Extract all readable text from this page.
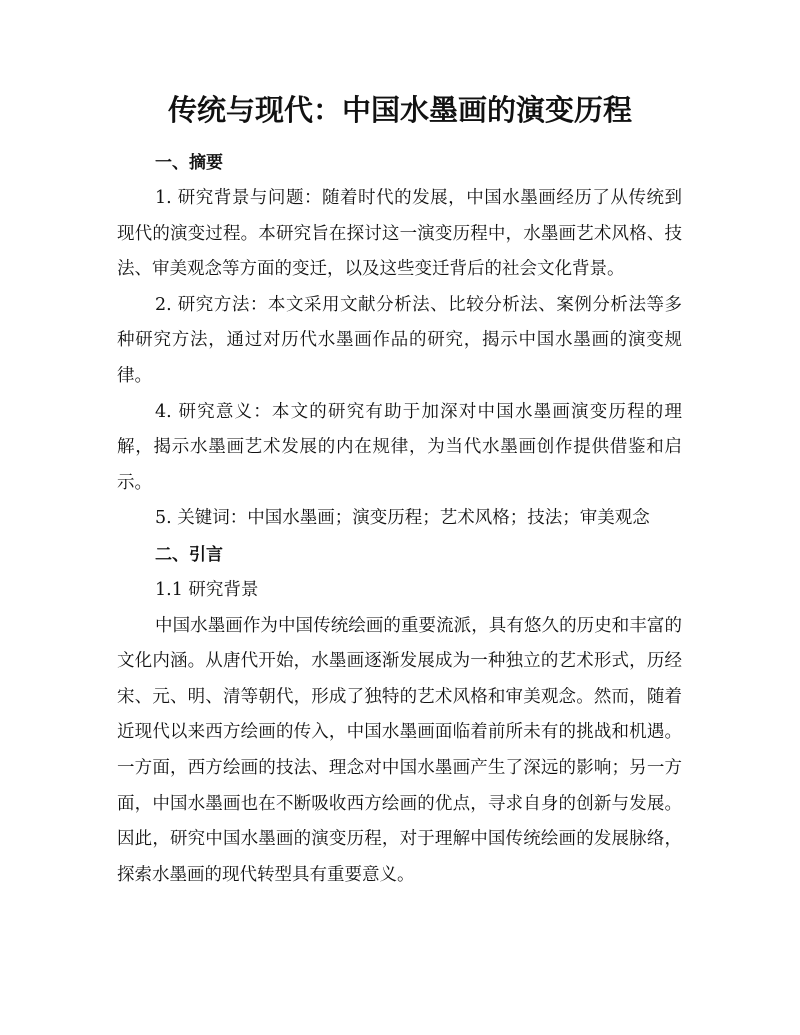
传统与现代：中国水墨画的演变历程
一、摘要

1. 研究背景与问题：随着时代的发展，中国水墨画经历了从传统到现代的演变过程。本研究旨在探讨这一演变历程中，水墨画艺术风格、技法、审美观念等方面的变迁，以及这些变迁背后的社会文化背景。

2. 研究方法：本文采用文献分析法、比较分析法、案例分析法等多种研究方法，通过对历代水墨画作品的研究，揭示中国水墨画的演变规律。

4. 研究意义：本文的研究有助于加深对中国水墨画演变历程的理解，揭示水墨画艺术发展的内在规律，为当代水墨画创作提供借鉴和启示。

5. 关键词：中国水墨画；演变历程；艺术风格；技法；审美观念

二、引言

1.1 研究背景

中国水墨画作为中国传统绘画的重要流派，具有悠久的历史和丰富的文化内涵。从唐代开始，水墨画逐渐发展成为一种独立的艺术形式，历经宋、元、明、清等朝代，形成了独特的艺术风格和审美观念。然而，随着近现代以来西方绘画的传入，中国水墨画面临着前所未有的挑战和机遇。一方面，西方绘画的技法、理念对中国水墨画产生了深远的影响；另一方面，中国水墨画也在不断吸收西方绘画的优点，寻求自身的创新与发展。因此，研究中国水墨画的演变历程，对于理解中国传统绘画的发展脉络，探索水墨画的现代转型具有重要意义。
